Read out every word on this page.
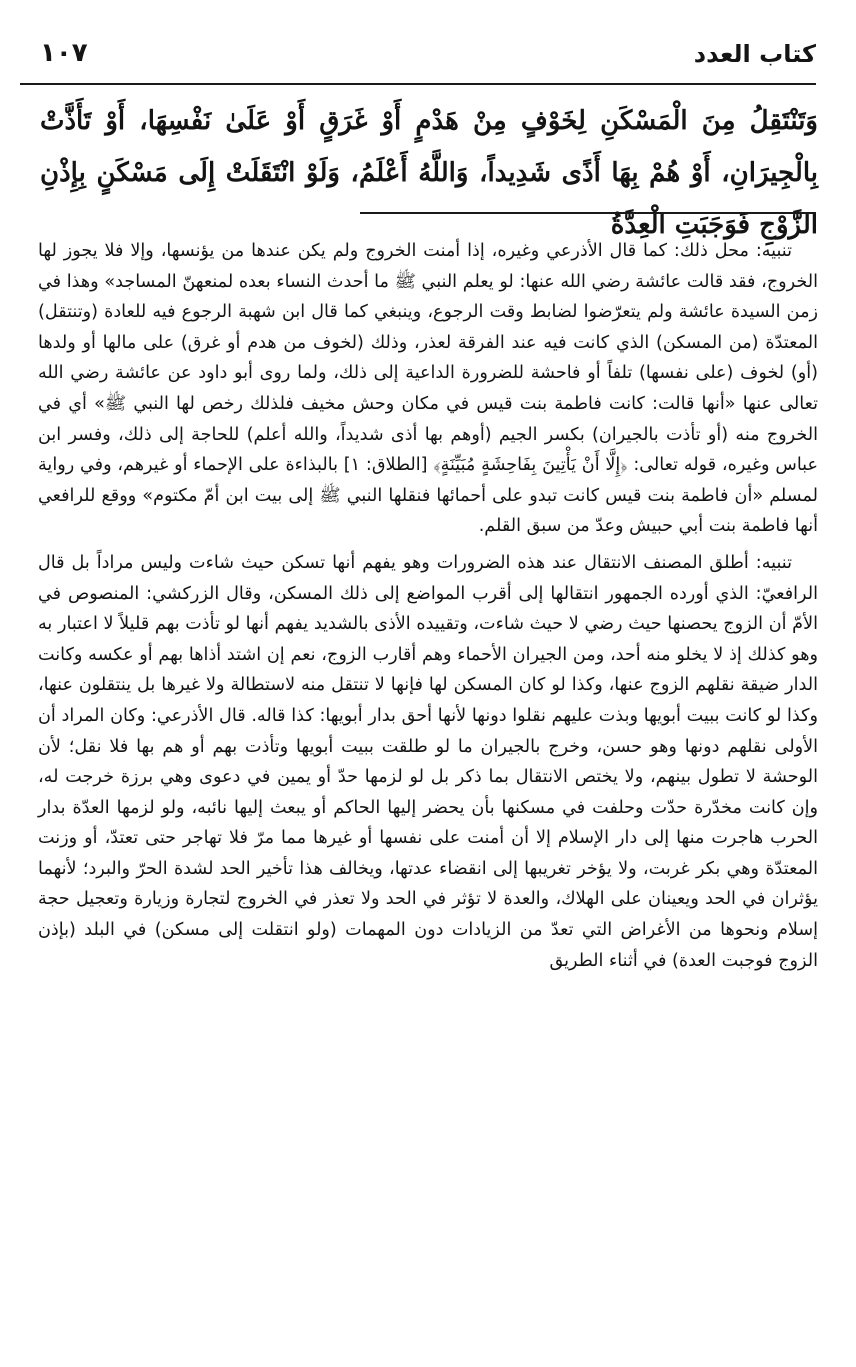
كتاب العدد
١٠٧
وَتَنْتَقِلُ مِنَ الْمَسْكَنِ لِخَوْفٍ مِنْ هَدْمٍ أَوْ غَرَقٍ أَوْ عَلَىٰ نَفْسِهَا، أَوْ تَأَذَّتْ بِالْجِيرَانِ، أَوْ هُمْ بِهَا أَذًى شَدِيداً، وَاللَّهُ أَعْلَمُ، وَلَوْ انْتَقَلَتْ إِلَى مَسْكَنٍ بِإِذْنِ الزَّوْجِ فَوَجَبَتِ الْعِدَّةُ

تنبيه: محل ذلك: كما قال الأذرعي وغيره، إذا أمنت الخروج ولم يكن عندها من يؤنسها، وإلا فلا يجوز لها الخروج، فقد قالت عائشة رضي الله عنها: لو يعلم النبي ﷺ ما أحدث النساء بعده لمنعهنّ المساجد» وهذا في زمن السيدة عائشة ولم يتعرّضوا لضابط وقت الرجوع، وينبغي كما قال ابن شهبة الرجوع فيه للعادة (وتنتقل) المعتدّة (من المسكن) الذي كانت فيه عند الفرقة لعذر، وذلك (لخوف من هدم أو غرق) على مالها أو ولدها (أو) لخوف (على نفسها) تلفاً أو فاحشة للضرورة الداعية إلى ذلك، ولما روى أبو داود عن عائشة رضي الله تعالى عنها «أنها قالت: كانت فاطمة بنت قيس في مكان وحش مخيف فلذلك رخص لها النبي ﷺ» أي في الخروج منه (أو تأذت بالجيران) بكسر الجيم (أوهم بها أذى شديداً، والله أعلم) للحاجة إلى ذلك، وفسر ابن عباس وغيره، قوله تعالى: ﴿إِلَّا أَنْ يَأْتِينَ بِفَاحِشَةٍ مُبَيِّنَةٍ﴾ [الطلاق: ١] بالبذاءة على الإحماء أو غيرهم، وفي رواية لمسلم «أن فاطمة بنت قيس كانت تبدو على أحمائها فنقلها النبي ﷺ إلى بيت ابن أمّ مكتوم» ووقع للرافعي أنها فاطمة بنت أبي حبيش وعدّ من سبق القلم.

تنبيه: أطلق المصنف الانتقال عند هذه الضرورات وهو يفهم أنها تسكن حيث شاءت وليس مراداً بل قال الرافعيّ: الذي أورده الجمهور انتقالها إلى أقرب المواضع إلى ذلك المسكن، وقال الزركشي: المنصوص في الأمّ أن الزوج يحصنها حيث رضي لا حيث شاءت، وتقييده الأذى بالشديد يفهم أنها لو تأذت بهم قليلاً لا اعتبار به وهو كذلك إذ لا يخلو منه أحد، ومن الجيران الأحماء وهم أقارب الزوج، نعم إن اشتد أذاها بهم أو عكسه وكانت الدار ضيقة نقلهم الزوج عنها، وكذا لو كان المسكن لها فإنها لا تنتقل منه لاستطالة ولا غيرها بل ينتقلون عنها، وكذا لو كانت ببيت أبويها وبذت عليهم نقلوا دونها لأنها أحق بدار أبويها: كذا قاله. قال الأذرعي: وكان المراد أن الأولى نقلهم دونها وهو حسن، وخرج بالجيران ما لو طلقت ببيت أبويها وتأذت بهم أو هم بها فلا نقل؛ لأن الوحشة لا تطول بينهم، ولا يختص الانتقال بما ذكر بل لو لزمها حدّ أو يمين في دعوى وهي برزة خرجت له، وإن كانت مخدّرة حدّت وحلفت في مسكنها بأن يحضر إليها الحاكم أو يبعث إليها نائبه، ولو لزمها العدّة بدار الحرب هاجرت منها إلى دار الإسلام إلا أن أمنت على نفسها أو غيرها مما مرّ فلا تهاجر حتى تعتدّ، أو وزنت المعتدّة وهي بكر غربت، ولا يؤخر تغريبها إلى انقضاء عدتها، ويخالف هذا تأخير الحد لشدة الحرّ والبرد؛ لأنهما يؤثران في الحد ويعينان على الهلاك، والعدة لا تؤثر في الحد ولا تعذر في الخروج لتجارة وزيارة وتعجيل حجة إسلام ونحوها من الأغراض التي تعدّ من الزيادات دون المهمات (ولو انتقلت إلى مسكن) في البلد (بإذن الزوج فوجبت العدة) في أثناء الطريق
